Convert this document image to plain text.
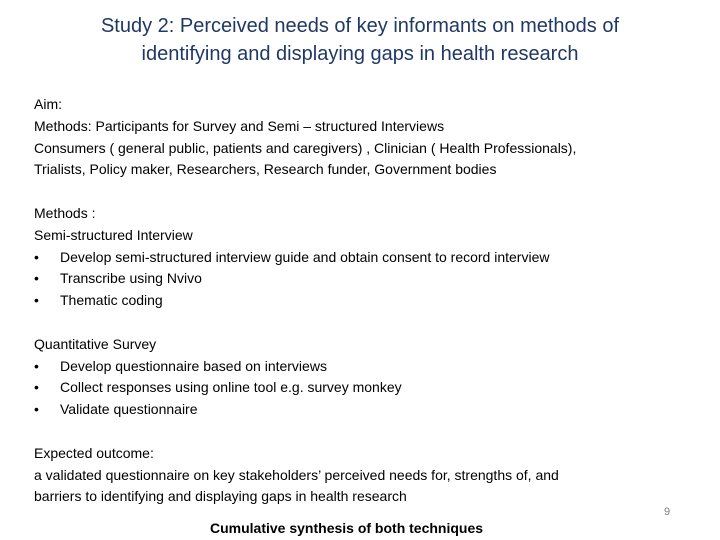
Study 2: Perceived needs of key informants on methods of
identifying and displaying gaps in health research
Aim:
Methods: Participants for Survey and Semi – structured Interviews
Consumers ( general public, patients and caregivers) , Clinician ( Health Professionals),
Trialists, Policy maker, Researchers, Research funder, Government bodies
Methods :
Semi-structured Interview
•	Develop semi-structured interview guide and obtain consent to record interview
•	Transcribe using Nvivo
•	Thematic coding
Quantitative Survey
•	Develop questionnaire based on interviews
•	Collect responses using online tool e.g. survey monkey
•	Validate questionnaire
Expected outcome:
a validated questionnaire on key stakeholders’ perceived needs for, strengths of, and
barriers to identifying and displaying gaps in health research
Cumulative synthesis of both techniques
9
